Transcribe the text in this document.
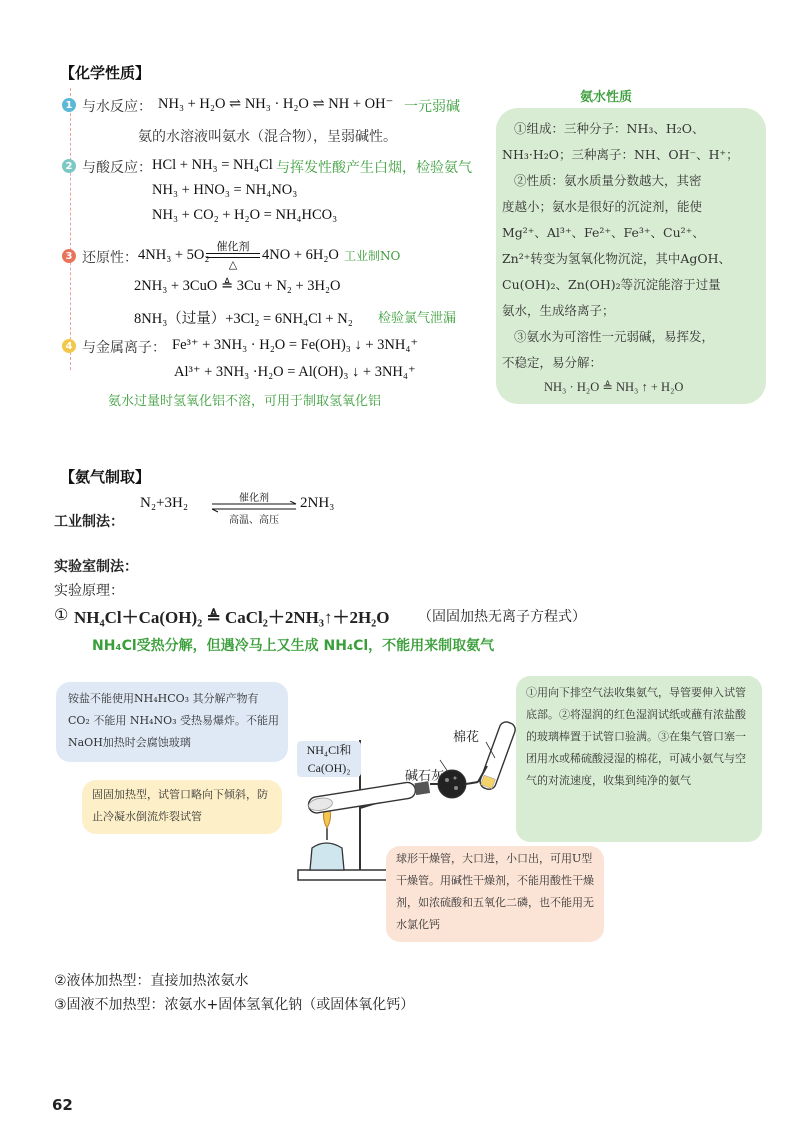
【化学性质】
1 与水反应： NH₃ + H₂O ⇌ NH₃ · H₂O ⇌ NH + OH⁻ 一元弱碱
氨的水溶液叫氨水（混合物），呈弱碱性。
2 与酸反应： HCl + NH₃ = NH₄Cl 与挥发性酸产生白烟，检验氨气
NH₃ + HNO₃ = NH₄NO₃
NH₃ + CO₂ + H₂O = NH₄HCO₃
3 还原性： 4NH₃ + 5O₂
催化剂
△
4NO + 6H₂O 工业制NO
2NH₃ + 3CuO ≜ 3Cu + N₂ + 3H₂O
8NH₃（过量）+3Cl₂ = 6NH₄Cl + N₂ 检验氯气泄漏
4 与金属离子： Fe³⁺ + 3NH₃ · H₂O = Fe(OH)₃ ↓ + 3NH₄⁺
Al³⁺ + 3NH₃ ·H₂O = Al(OH)₃ ↓ + 3NH₄⁺
氨水过量时氢氧化铝不溶，可用于制取氢氧化铝
氨水性质
①组成：三种分子：NH₃、H₂O、
NH₃·H₂O；三种离子：NH、OH⁻、H⁺；
②性质：氨水质量分数越大，其密
度越小；氨水是很好的沉淀剂，能使
Mg²⁺、Al³⁺、Fe²⁺、Fe³⁺、Cu²⁺、
Zn²⁺转变为氢氧化物沉淀，其中AgOH、
Cu(OH)₂、Zn(OH)₂等沉淀能溶于过量
氨水，生成络离子；
③氨水为可溶性一元弱碱，易挥发，
不稳定，易分解：
NH₃ · H₂O ≜ NH₃ ↑ + H₂O
【氨气制取】
工业制法：
N₂+3H₂	催化剂
高温、高压
2NH₃
实验室制法：
实验原理：
① NH₄Cl＋Ca(OH)₂ ≜ CaCl₂＋2NH₃↑＋2H₂O （固固加热无离子方程式）
NH₄Cl受热分解，但遇冷马上又生成 NH₄Cl，不能用来制取氨气
NH₄Cl和
Ca(OH)₂
碱石灰
棉花
铵盐不能使用NH₄HCO₃ 其分解产物有 CO₂ 不能用 NH₄NO₃ 受热易爆炸。不能用NaOH加热时会腐蚀玻璃
固固加热型，试管口略向下倾斜，防止冷凝水倒流炸裂试管
①用向下排空气法收集氨气，导管要伸入试管底部。②将湿润的红色湿润试纸或蘸有浓盐酸的玻璃棒置于试管口验满。③在集气管口塞一团用水或稀硫酸浸湿的棉花，可减小氨气与空气的对流速度，收集到纯净的氨气
球形干燥管，大口进，小口出，可用U型干燥管。用碱性干燥剂，不能用酸性干燥剂，如浓硫酸和五氧化二磷，也不能用无水氯化钙
②液体加热型：直接加热浓氨水
③固液不加热型：浓氨水+固体氢氧化钠（或固体氧化钙）
62
